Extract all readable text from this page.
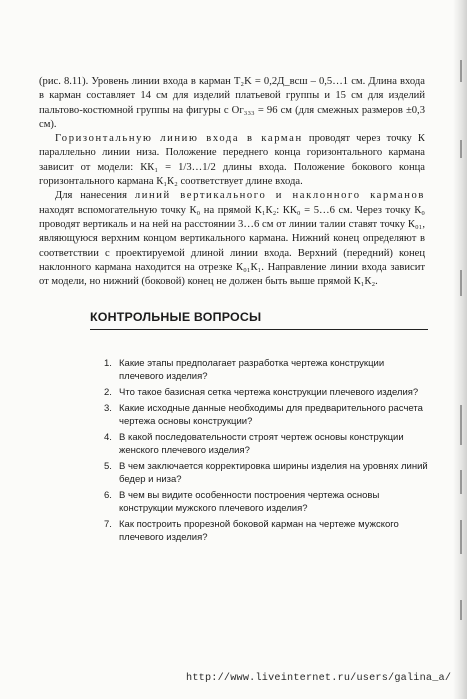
(рис. 8.11). Уровень линии входа в карман T₂K = 0,2Д_всш – 0,5…1 см. Длина входа в карман составляет 14 см для изделий платьевой группы и 15 см для изделий пальтово-костюмной группы на фигуры с Ог₃₃₃ = 96 см (для смежных размеров ±0,3 см).

Горизонтальную линию входа в карман проводят через точку К параллельно линии низа. Положение переднего конца горизонтального кармана зависит от модели: КК₁ = 1/3…1/2 длины входа. Положение бокового конца горизонтального кармана К₁К₂ соответствует длине входа.

Для нанесения линий вертикального и наклонного карманов находят вспомогательную точку К₀ на прямой К₁К₂: КК₀ = 5…6 см. Через точку К₀ проводят вертикаль и на ней на расстоянии 3…6 см от линии талии ставят точку К₀₁, являющуюся верхним концом вертикального кармана. Нижний конец определяют в соответствии с проектируемой длиной линии входа. Верхний (передний) конец наклонного кармана находится на отрезке К₀₁К₁. Направление линии входа зависит от модели, но нижний (боковой) конец не должен быть выше прямой К₁К₂.

КОНТРОЛЬНЫЕ ВОПРОСЫ
1. Какие этапы предполагает разработка чертежа конструкции плечевого изделия?
2. Что такое базисная сетка чертежа конструкции плечевого изделия?
3. Какие исходные данные необходимы для предварительного расчета чертежа основы конструкции?
4. В какой последовательности строят чертеж основы конструкции женского плечевого изделия?
5. В чем заключается корректировка ширины изделия на уровнях линий бедер и низа?
6. В чем вы видите особенности построения чертежа основы конструкции мужского плечевого изделия?
7. Как построить прорезной боковой карман на чертеже мужского плечевого изделия?
http://www.liveinternet.ru/users/galina_a/
